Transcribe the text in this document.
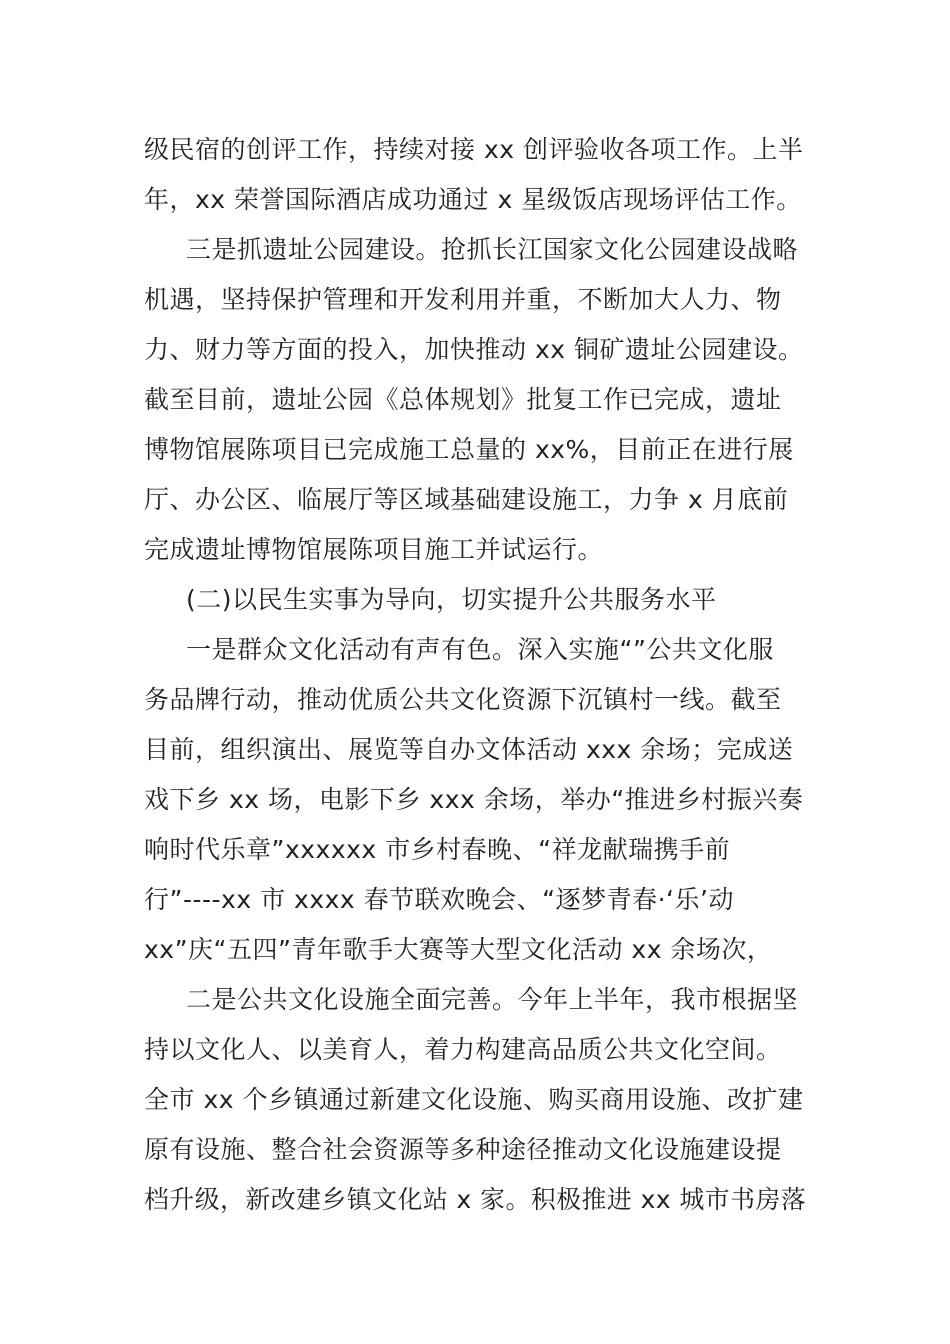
级民宿的创评工作，持续对接 xx 创评验收各项工作。上半
年，xx 荣誉国际酒店成功通过 x 星级饭店现场评估工作。
三是抓遗址公园建设。抢抓长江国家文化公园建设战略
机遇，坚持保护管理和开发利用并重，不断加大人力、物
力、财力等方面的投入，加快推动 xx 铜矿遗址公园建设。
截至目前，遗址公园《总体规划》批复工作已完成，遗址
博物馆展陈项目已完成施工总量的 xx%，目前正在进行展
厅、办公区、临展厅等区域基础建设施工，力争 x 月底前
完成遗址博物馆展陈项目施工并试运行。
(二)以民生实事为导向，切实提升公共服务水平
一是群众文化活动有声有色。深入实施“”公共文化服
务品牌行动，推动优质公共文化资源下沉镇村一线。截至
目前，组织演出、展览等自办文体活动 xxx 余场；完成送
戏下乡 xx 场，电影下乡 xxx 余场，举办“推进乡村振兴奏
响时代乐章”xxxxxx 市乡村春晚、“祥龙献瑞携手前
行”----xx 市 xxxx 春节联欢晚会、“逐梦青春·‘乐’动
xx”庆“五四”青年歌手大赛等大型文化活动 xx 余场次，
二是公共文化设施全面完善。今年上半年，我市根据坚
持以文化人、以美育人，着力构建高品质公共文化空间。
全市 xx 个乡镇通过新建文化设施、购买商用设施、改扩建
原有设施、整合社会资源等多种途径推动文化设施建设提
档升级，新改建乡镇文化站 x 家。积极推进 xx 城市书房落
